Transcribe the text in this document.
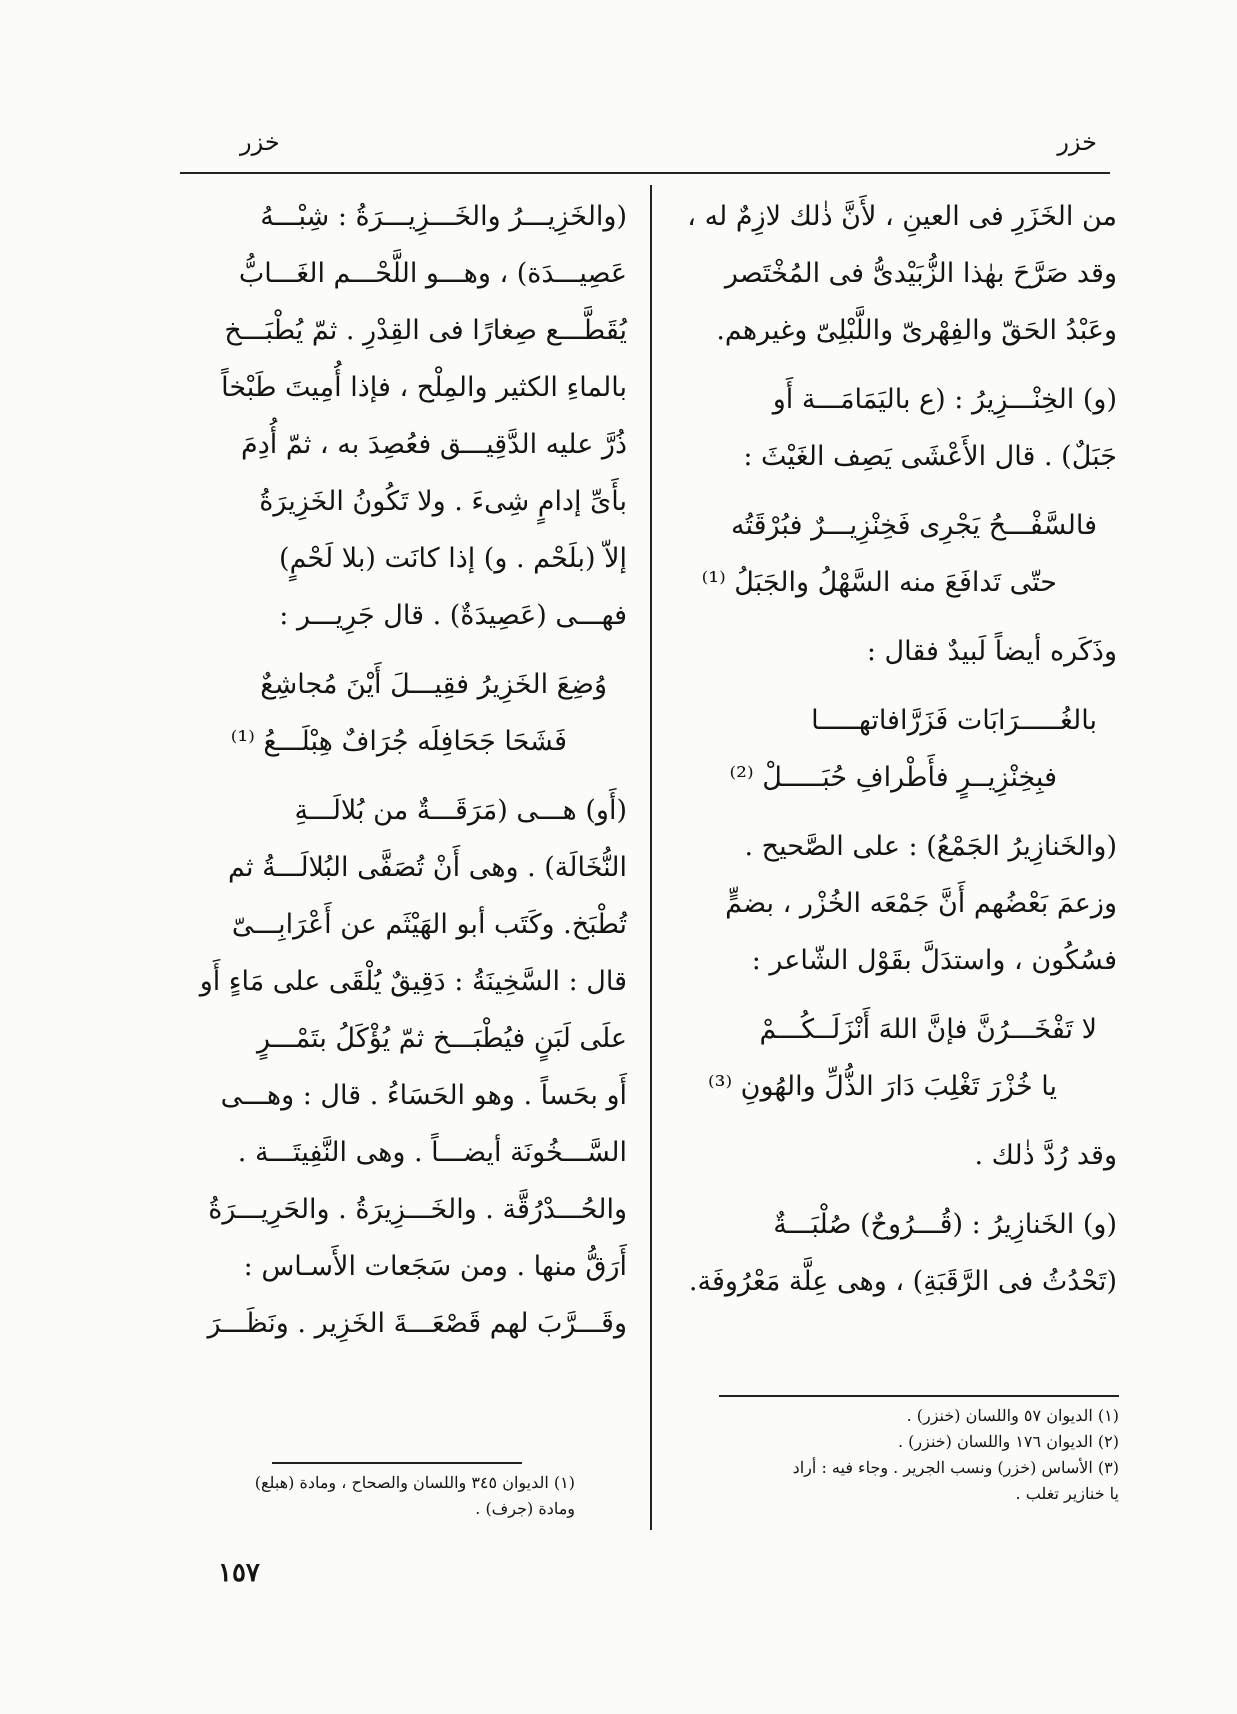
خزر
خزر

من الخَزَرِ فى العينِ ، لأَنَّ ذٰلك لازِمٌ له ،

وقد صَرَّحَ بهٰذا الزُّبَيْدىُّ فى المُخْتَصر

وعَبْدُ الحَقّ والفِهْرىّ واللَّبْلِىّ وغيرهم.

(و) الخِنْـــزِيرُ : (ع باليَمَامَـــة أَو

جَبَلٌ) . قال الأَعْشَى يَصِف الغَيْثَ :

فالسَّفْـــحُ يَجْرِى فَخِنْزِيـــرٌ فبُرْقَتُه

حتّى تَدافَعَ منه السَّهْلُ والجَبَلُ ⁽¹⁾

وذَكَره أيضاً لَبيدٌ فقال :

بالغُـــــرَابَات فَزَرَّافاتهـــــا

فبِخِنْزِيــرٍ فأَطْرافِ حُبَـــــلْ ⁽²⁾

(والخَنازِيرُ الجَمْعُ) : على الصَّحيح .

وزعمَ بَعْضُهم أَنَّ جَمْعَه الخُزْر ، بضمٍّ

فسُكُون ، واستدَلَّ بقَوْل الشّاعر :

لا تَفْخَـــرُنَّ فإنَّ اللهَ أَنْزَلَــكُـــمْ

يا خُزْرَ تَغْلِبَ دَارَ الذُّلِّ والهُونِ ⁽³⁾

وقد رُدَّ ذٰلك .

(و) الخَنازِيرُ : (قُـــرُوحٌ) صُلْبَـــةٌ

(تَحْدُثُ فى الرَّقَبَةِ) ، وهى عِلَّة مَعْرُوفَة.

(والخَزِيـــرُ والخَـــزِيـــرَةُ : شِبْـــهُ

عَصِيـــدَة) ، وهـــو اللَّحْـــم الغَـــابُّ

يُقَطَّـــع صِغارًا فى القِدْرِ . ثمّ يُطْبَـــخ

بالماءِ الكثير والمِلْح ، فإذا أُمِيتَ طَبْخاً

ذُرَّ عليه الدَّقِيـــق فعُصِدَ به ، ثمّ أُدِمَ

بأَىِّ إدامٍ شِىءَ . ولا تَكُونُ الخَزِيرَةُ

إلاّ (بلَحْم . و) إذا كانَت (بلا لَحْمٍ)

فهـــى (عَصِيدَةٌ) . قال جَرِيـــر :

وُضِعَ الخَزِيرُ فقِيـــلَ أَيْنَ مُجاشِعٌ

فَشَحَا جَحَافِلَه جُرَافٌ هِبْلَـــعُ ⁽¹⁾

(أَو) هـــى (مَرَقَـــةٌ من بُلالَـــةِ

النُّخَالَة) . وهى أَنْ تُصَفَّى البُلالَـــةُ ثم

تُطْبَخ. وكَتَب أبو الهَيْثَم عن أَعْرَابِـــىّ

قال : السَّخِينَةُ : دَقِيقٌ يُلْقَى على مَاءٍ أَو

علَى لَبَنٍ فيُطْبَـــخ ثمّ يُؤْكَلُ بتَمْـــرٍ

أَو بحَساً . وهو الحَسَاءُ . قال : وهـــى

السَّـــخُونَة أيضـــاً . وهى النَّفِيتَـــة .

والحُـــدْرُقَّة . والخَـــزِيرَةُ . والحَرِيـــرَةُ

أَرَقُّ منها . ومن سَجَعات الأَسـاس :

وقَـــرَّبَ لهم قَصْعَـــةَ الخَزِير . ونَظَـــرَ

(١) الديوان ٥٧ واللسان (خنزر) .

(٢) الديوان ١٧٦ واللسان (خنزر) .

(٣) الأساس (خزر) ونسب الجرير . وجاء فيه : أراد

يا خنازير تغلب .

(١) الديوان ٣٤٥ واللسان والصحاح ، ومادة (هبلع)

ومادة (جرف) .

١٥٧
